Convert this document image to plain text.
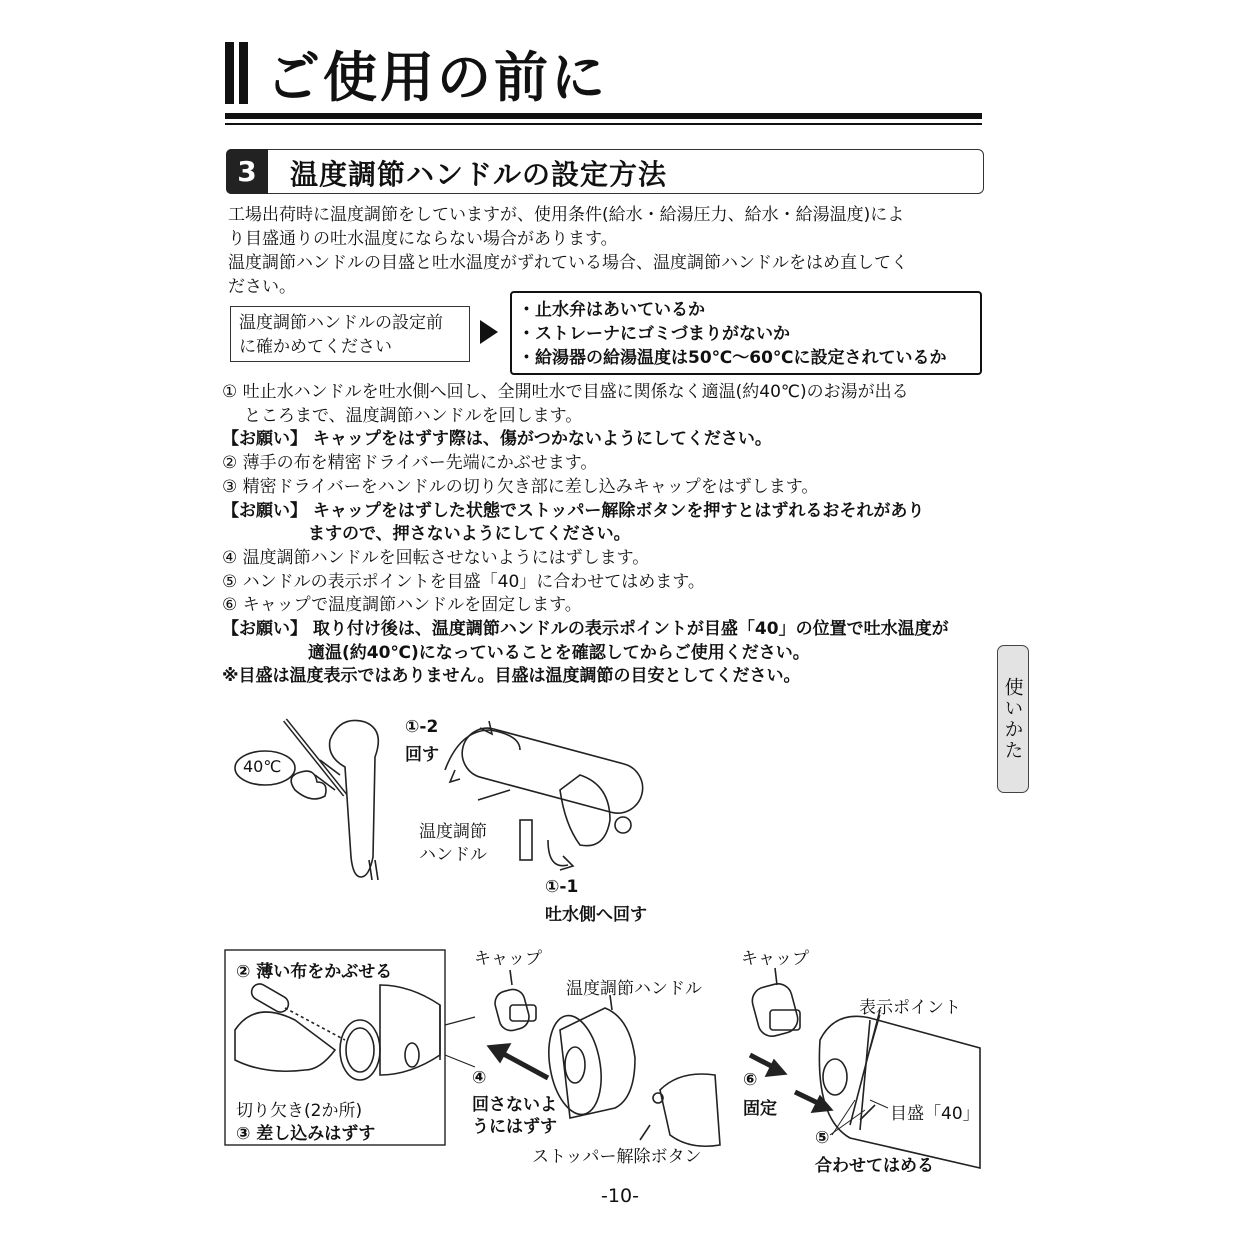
ご使用の前に
3	温度調節ハンドルの設定方法
工場出荷時に温度調節をしていますが、使用条件(給水・給湯圧力、給水・給湯温度)によ
り目盛通りの吐水温度にならない場合があります。
温度調節ハンドルの目盛と吐水温度がずれている場合、温度調節ハンドルをはめ直してく
ださい。
温度調節ハンドルの設定前
に確かめてください
・止水弁はあいているか
・ストレーナにゴミづまりがないか
・給湯器の給湯温度は50℃～60℃に設定されているか
① 吐止水ハンドルを吐水側へ回し、全開吐水で目盛に関係なく適温(約40℃)のお湯が出る
ところまで、温度調節ハンドルを回します。
【お願い】 キャップをはずす際は、傷がつかないようにしてください。
② 薄手の布を精密ドライバー先端にかぶせます。
③ 精密ドライバーをハンドルの切り欠き部に差し込みキャップをはずします。
【お願い】 キャップをはずした状態でストッパー解除ボタンを押すとはずれるおそれがあり
ますので、押さないようにしてください。
④ 温度調節ハンドルを回転させないようにはずします。
⑤ ハンドルの表示ポイントを目盛「40」に合わせてはめます。
⑥ キャップで温度調節ハンドルを固定します。
【お願い】 取り付け後は、温度調節ハンドルの表示ポイントが目盛「40」の位置で吐水温度が
適温(約40℃)になっていることを確認してからご使用ください。
※目盛は温度表示ではありません。目盛は温度調節の目安としてください。
使いかた
40℃
①-2
回す
温度調節
ハンドル
①-1
吐水側へ回す
② 薄い布をかぶせる
切り欠き(2か所)
③ 差し込みはずす
キャップ
温度調節ハンドル
④
回さないよ
うにはずす
ストッパー解除ボタン
キャップ
表示ポイント
⑥
固定	目盛「40」
⑤
合わせてはめる
-10-
